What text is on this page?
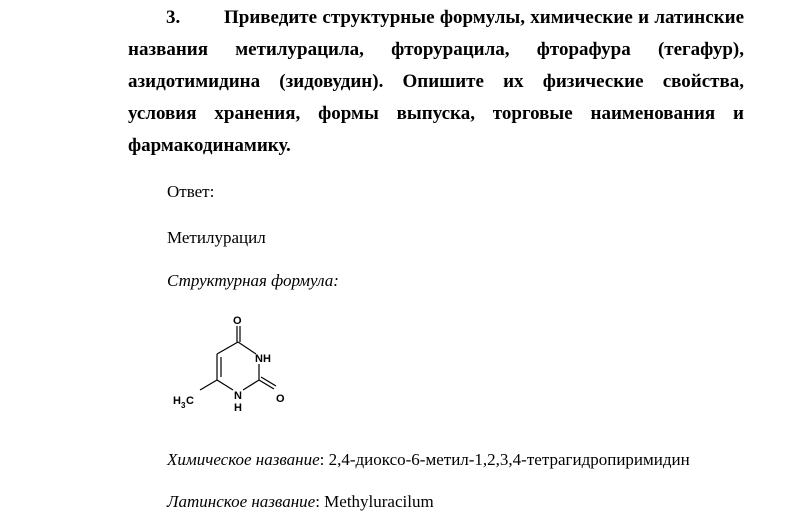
3. Приведите структурные формулы, химические и латинские названия метилурацила, фторурацила, фторафура (тегафур), азидотимидина (зидовудин). Опишите их физические свойства, условия хранения, формы выпуска, торговые наименования и фармакодинамику.

Ответ:

Метилурацил

Структурная формула:

O
NH
N
H
O
H 3 C

Химическое название: 2,4-диоксо-6-метил-1,2,3,4-тетрагидропиримидин

Латинское название: Methyluracilum
